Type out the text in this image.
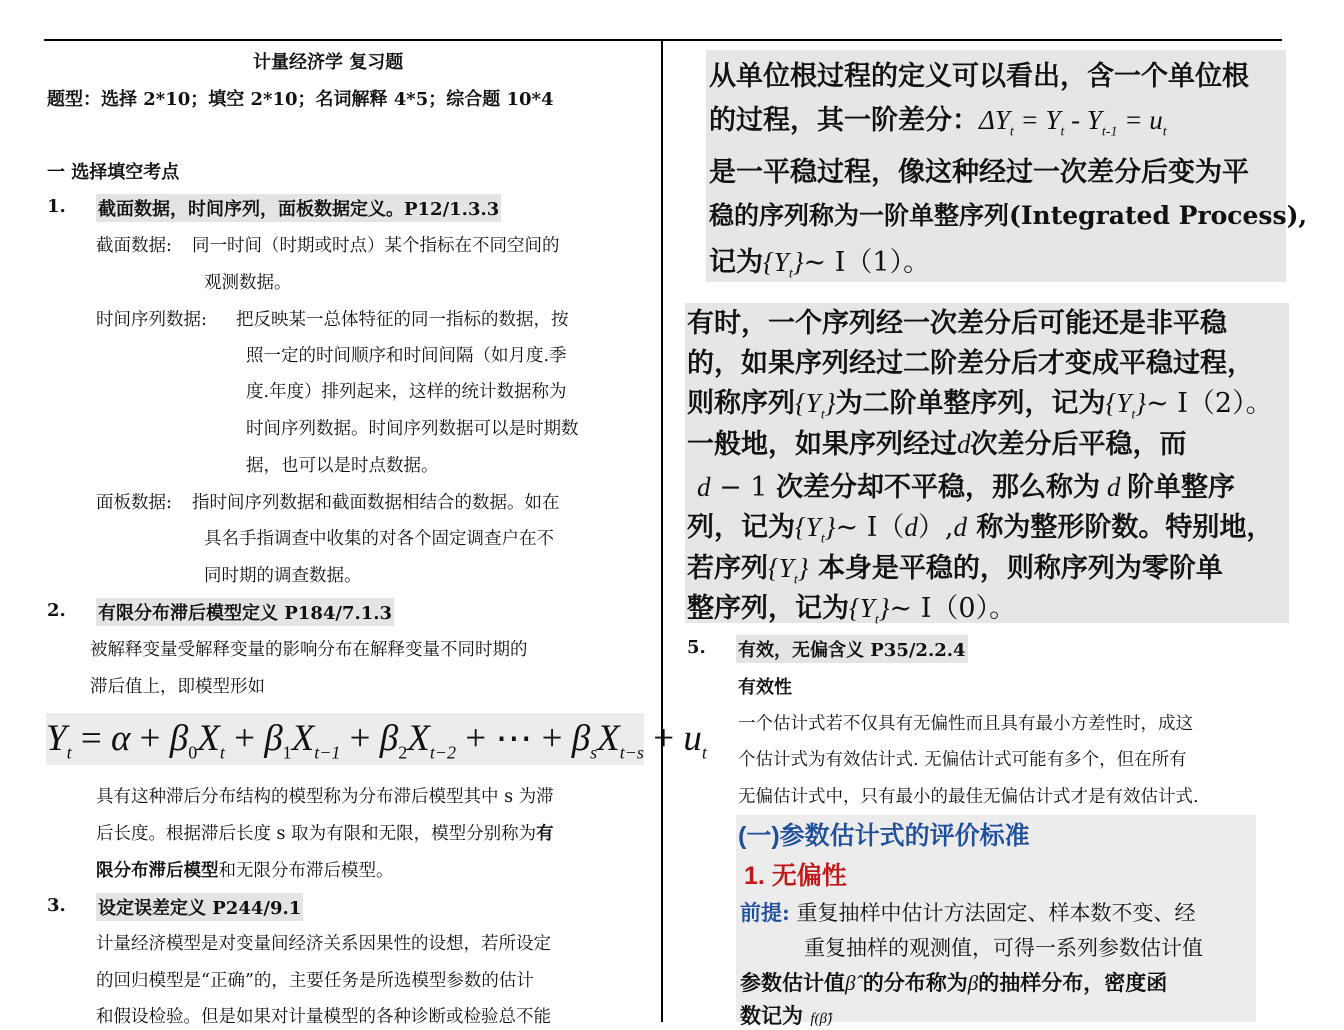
计量经济学 复习题
题型：选择 2*10；填空 2*10；名词解释 4*5；综合题 10*4
一 选择填空考点
1. 截面数据，时间序列，面板数据定义。P12/1.3.3
截面数据: 同一时间（时期或时点）某个指标在不同空间的
观测数据。
时间序列数据: 把反映某一总体特征的同一指标的数据，按
照一定的时间顺序和时间间隔（如月度.季
度.年度）排列起来，这样的统计数据称为
时间序列数据。时间序列数据可以是时期数
据，也可以是时点数据。
面板数据: 指时间序列数据和截面数据相结合的数据。如在
具名手指调查中收集的对各个固定调查户在不
同时期的调查数据。
2. 有限分布滞后模型定义 P184/7.1.3
被解释变量受解释变量的影响分布在解释变量不同时期的
滞后值上，即模型形如
$Y_t = \alpha + \beta_0X_t + \beta_1X_{t-1} + \beta_2X_{t-2}$ + ⋯ + $\beta_sX_{t-s} + u_t$
具有这种滞后分布结构的模型称为分布滞后模型其中 s 为滞
后长度。根据滞后长度 s 取为有限和无限，模型分别称为有
限分布滞后模型和无限分布滞后模型。
3. 设定误差定义 P244/9.1
计量经济模型是对变量间经济关系因果性的设想，若所设定
的回归模型是“正确”的，主要任务是所选模型参数的估计
和假设检验。但是如果对计量模型的各种诊断或检验总不能
从单位根过程的定义可以看出，含一个单位根
的过程，其一阶差分：$\Delta Y_t = Y_t - Y_{t-1} = u_t$
是一平稳过程，像这种经过一次差分后变为平
稳的序列称为一阶单整序列(Integrated Process),
记为$\{Y_t\}\sim$ I（1）。
有时，一个序列经一次差分后可能还是非平稳
的，如果序列经过二阶差分后才变成平稳过程，
则称序列$\{Y_t\}$为二阶单整序列，记为$\{Y_t\}\sim$ I（2）。
一般地，如果序列经过d次差分后平稳，而
d − 1 次差分却不平稳，那么称为 d 阶单整序
列，记为$\{Y_t\}\sim$ I（d）,d 称为整形阶数。特别地，
若序列$\{Y_t\}$ 本身是平稳的，则称序列为零阶单
整序列，记为$\{Y_t\}\sim$ I（0）。
5. 有效，无偏含义 P35/2.2.4
有效性
一个估计式若不仅具有无偏性而且具有最小方差性时，成这
个估计式为有效估计式. 无偏估计式可能有多个，但在所有
无偏估计式中，只有最小的最佳无偏估计式才是有效估计式.
(一)参数估计式的评价标准
1. 无偏性
前提: 重复抽样中估计方法固定、样本数不变、经
重复抽样的观测值，可得一系列参数估计值
参数估计值β̂ 的分布称为β̂的抽样分布，密度函
数记为 f(β̂)
